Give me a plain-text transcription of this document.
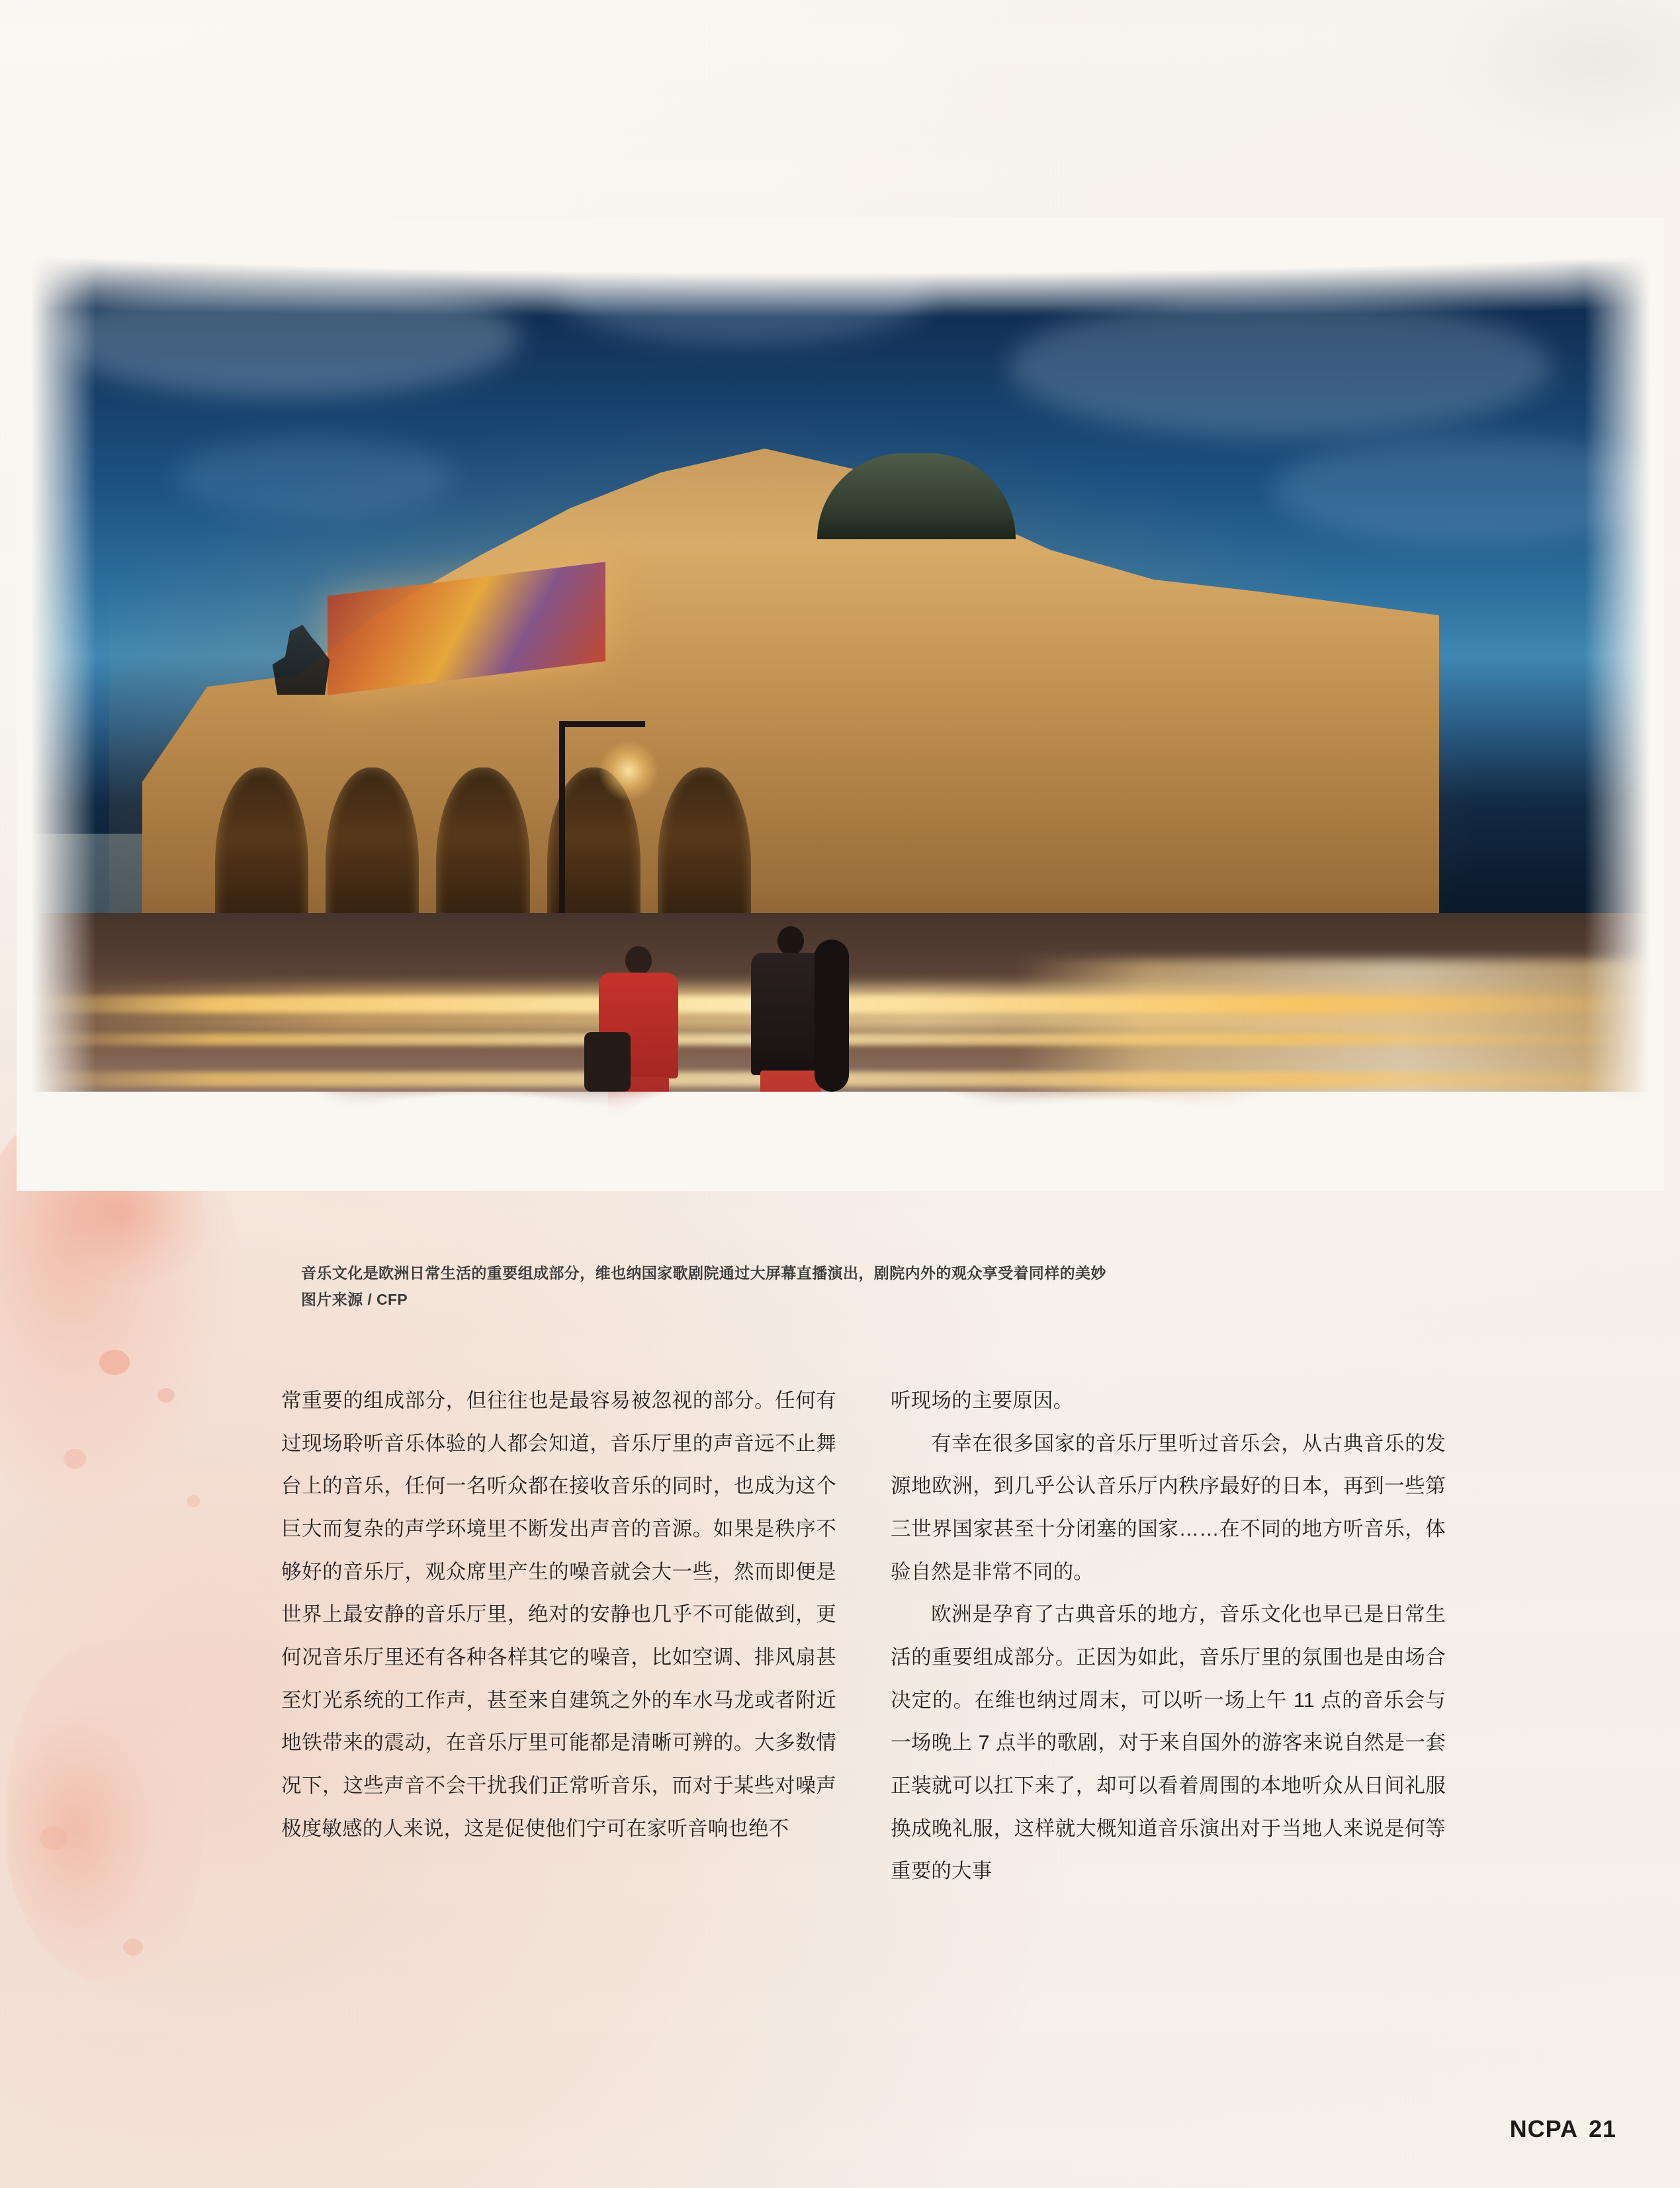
音乐文化是欧洲日常生活的重要组成部分，维也纳国家歌剧院通过大屏幕直播演出，剧院内外的观众享受着同样的美妙
图片来源 / CFP

常重要的组成部分，但往往也是最容易被忽视的部分。任何有过现场聆听音乐体验的人都会知道，音乐厅里的声音远不止舞台上的音乐，任何一名听众都在接收音乐的同时，也成为这个巨大而复杂的声学环境里不断发出声音的音源。如果是秩序不够好的音乐厅，观众席里产生的噪音就会大一些，然而即便是世界上最安静的音乐厅里，绝对的安静也几乎不可能做到，更何况音乐厅里还有各种各样其它的噪音，比如空调、排风扇甚至灯光系统的工作声，甚至来自建筑之外的车水马龙或者附近地铁带来的震动，在音乐厅里可能都是清晰可辨的。大多数情况下，这些声音不会干扰我们正常听音乐，而对于某些对噪声极度敏感的人来说，这是促使他们宁可在家听音响也绝不

听现场的主要原因。

有幸在很多国家的音乐厅里听过音乐会，从古典音乐的发源地欧洲，到几乎公认音乐厅内秩序最好的日本，再到一些第三世界国家甚至十分闭塞的国家……在不同的地方听音乐，体验自然是非常不同的。

欧洲是孕育了古典音乐的地方，音乐文化也早已是日常生活的重要组成部分。正因为如此，音乐厅里的氛围也是由场合决定的。在维也纳过周末，可以听一场上午 11 点的音乐会与一场晚上 7 点半的歌剧，对于来自国外的游客来说自然是一套正装就可以扛下来了，却可以看着周围的本地听众从日间礼服换成晚礼服，这样就大概知道音乐演出对于当地人来说是何等重要的大事

NCPA 21
